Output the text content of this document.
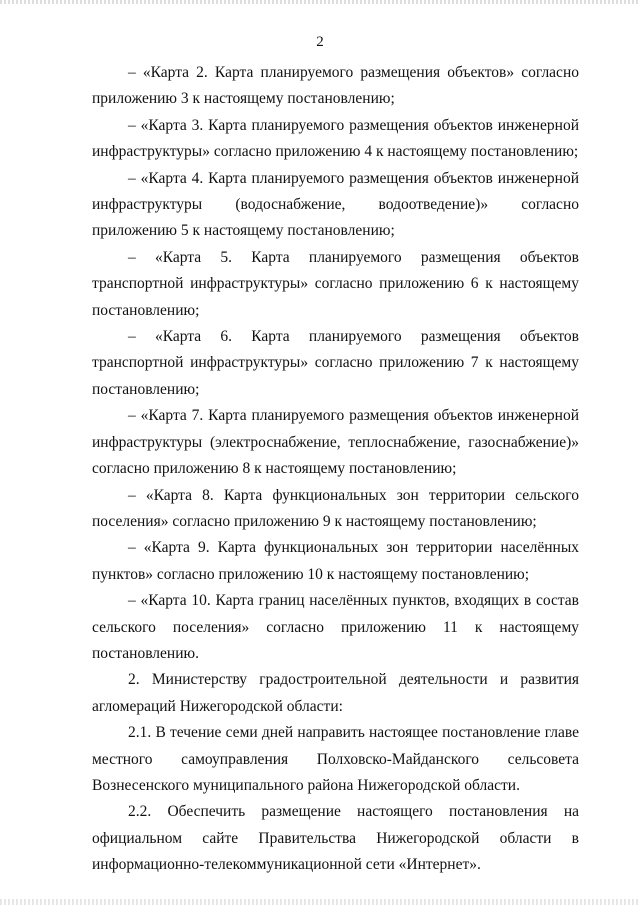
2

– «Карта 2. Карта планируемого размещения объектов» согласно приложению 3 к настоящему постановлению;

– «Карта 3. Карта планируемого размещения объектов инженерной инфраструктуры» согласно приложению 4 к настоящему постановлению;

– «Карта 4. Карта планируемого размещения объектов инженерной инфраструктуры (водоснабжение, водоотведение)» согласно приложению 5 к настоящему постановлению;

– «Карта 5. Карта планируемого размещения объектов транспортной инфраструктуры» согласно приложению 6 к настоящему постановлению;

– «Карта 6. Карта планируемого размещения объектов транспортной инфраструктуры» согласно приложению 7 к настоящему постановлению;

– «Карта 7. Карта планируемого размещения объектов инженерной инфраструктуры (электроснабжение, теплоснабжение, газоснабжение)» согласно приложению 8 к настоящему постановлению;

– «Карта 8. Карта функциональных зон территории сельского поселения» согласно приложению 9 к настоящему постановлению;

– «Карта 9. Карта функциональных зон территории населённых пунктов» согласно приложению 10 к настоящему постановлению;

– «Карта 10. Карта границ населённых пунктов, входящих в состав сельского поселения» согласно приложению 11 к настоящему постановлению.

2. Министерству градостроительной деятельности и развития агломераций Нижегородской области:

2.1. В течение семи дней направить настоящее постановление главе местного самоуправления Полховско-Майданского сельсовета Вознесенского муниципального района Нижегородской области.

2.2. Обеспечить размещение настоящего постановления на официальном сайте Правительства Нижегородской области в информационно-телекоммуникационной сети «Интернет».
